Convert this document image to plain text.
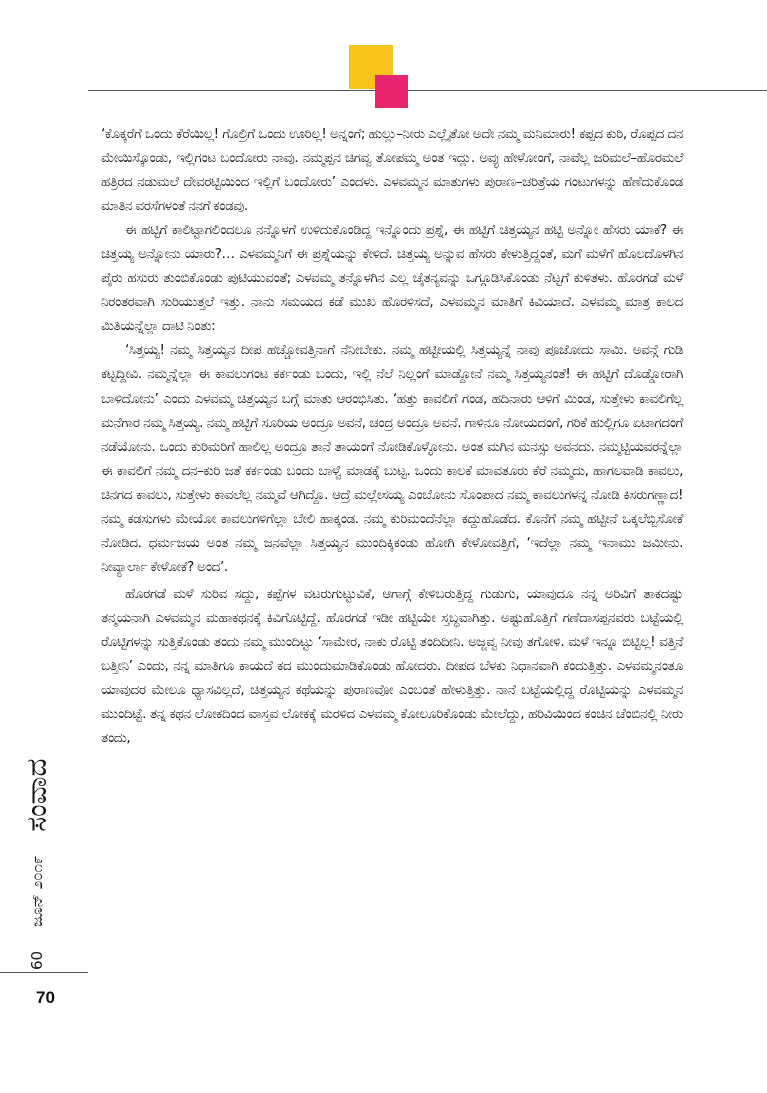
‘ಕೊಕ್ಕರೆಗೆ ಒಂದು ಕೆರೆಯಿಲ್ಲ! ಗೊಲ್ರಿಗೆ ಒಂದು ಊರಿಲ್ಲ! ಅನ್ನಂಗೆ; ಹುಲ್ಲು–ನೀರು ಎಲ್ಲೈತೋ ಅದೇ ನಮ್ಮ ಮನಿಮಾರು! ಕಪ್ಪದ ಕುರಿ, ರೊಪ್ಪದ ದನ ಮೇಯಿಸ್ಕೊಂಡು, ಇಲ್ಲಿಗಂಟ ಬಂದೋರು ನಾವು. ನಮ್ಮಪ್ಪನ ಚಿಗವ್ವ ತೋಪಮ್ಮ ಅಂತ ಇದ್ಲು. ಅವ್ಳು ಹೇಳೋಂಗೆ, ನಾವೆಲ್ಲ ಜರಿಮಲೆ–ಹೊರಮಲೆ ಹತ್ರಿರದ ನಡುಮಲೆ ದೇವರಟ್ಟಿಯಿಂದ ಇಲ್ಲಿಗೆ ಬಂದೋರು’ ಎಂದಳು. ಎಳವಮ್ಮನ ಮಾತುಗಳು ಪುರಾಣ–ಚರಿತ್ರೆಯ ಗಂಟುಗಳನ್ನು ಹೆಣೆದುಕೊಂಡ ಮಾತಿನ ವರಸೆಗಳಂತೆ ನನಗೆ ಕಂಡವು.

ಈ ಹಟ್ಟಿಗೆ ಕಾಲಿಟ್ಟಾಗಲಿಂದಲೂ ನನ್ನೊಳಗೆ ಉಳಿದುಕೊಂಡಿದ್ದ ಇನ್ನೊಂದು ಪ್ರಶ್ನೆ, ಈ ಹಟ್ಟಿಗೆ ಚಿತ್ತಯ್ಯನ ಹಟ್ಟಿ ಅನ್ನೋ ಹೆಸರು ಯಾಕೆ? ಈ ಚಿತ್ತಯ್ಯ ಅನ್ನೋನು ಯಾರು?… ಎಳವಮ್ಮನಿಗೆ ಈ ಪ್ರಶ್ನೆಯನ್ನು ಕೇಳಿದೆ. ಚಿತ್ತಯ್ಯ ಅನ್ನುವ ಹೆಸರು ಕೇಳುತ್ತಿದ್ದಂತೆ, ಮಗೆ ಮಳೆಗೆ ಹೊಲದೊಳಗಿನ ಪೈರು ಹಸುರು ತುಂಬಿಕೊಂಡು ಪುಟಿಯುವಂತೆ; ಎಳವಮ್ಮ ತನ್ನೊಳಗಿನ ಎಲ್ಲ ಚೈತನ್ಯವನ್ನು ಒಗ್ಗೂಡಿಸಿಕೊಂಡು ನೆಟ್ಟಗೆ ಕುಳಿತಳು. ಹೊರಗಡೆ ಮಳೆ ನಿರಂತರವಾಗಿ ಸುರಿಯುತ್ತಲೆ ಇತ್ತು. ನಾನು ಸಮಯದ ಕಡೆ ಮುಖ ಹೊರಳಿಸದೆ, ಎಳವಮ್ಮನ ಮಾತಿಗೆ ಕಿವಿಯಾದೆ. ಎಳವಮ್ಮ ಮಾತ್ರ ಕಾಲದ ಮಿತಿಯನ್ನೆಲ್ಲಾ ದಾಟಿ ನಿಂತು:

‘ಸಿತ್ತಯ್ಯ! ನಮ್ಮ ಸಿತ್ತಯ್ಯನ ದೀಪ ಹಚ್ಚೋವತ್ತಿನಾಗೆ ನೆನೀಬೇಕು. ನಮ್ಮ ಹಟ್ಟೀಯಲ್ಲಿ ಸಿತ್ತಯ್ಯನ್ನೆ ನಾವು ಪೂಜೋದು ಸಾಮಿ. ಅವನ್ಗೆ ಗುಡಿ ಕಟ್ಟದ್ದೀವಿ. ನಮ್ಮನ್ನೆಲ್ಲಾ ಈ ಕಾವಲುಗಂಟ ಕರ್ಕಂಡು ಬಂದು, ಇಲ್ಲಿ ನೆಲೆ ನಿಲ್ಲಂಗೆ ಮಾಡ್ದೋನೆ ನಮ್ಮ ಸಿತ್ತಯ್ಯನಂತೆ! ಈ ಹಟ್ಟಿಗೆ ದೊಡ್ಡೋರಾಗಿ ಬಾಳಿದೋನು’ ಎಂದು ಎಳವಮ್ಮ ಚಿತ್ತಯ್ಯನ ಬಗ್ಗೆ ಮಾತು ಆರಂಭಿಸಿತು. ‘ಹತ್ತು ಕಾವಲಿಗೆ ಗಂಡ, ಹದಿನಾರು ಆಳಿಗೆ ಮಿಂಡ, ಸುತ್ತೇಳು ಕಾವಲಿಗೆಲ್ಲ ಮನೆಗಾರ ನಮ್ಮ ಸಿತ್ತಯ್ಯ. ನಮ್ಮ ಹಟ್ಟಿಗೆ ಸೂರಿಯ ಅಂದ್ರೂ ಅವನೆ, ಚಂದ್ರ ಅಂದ್ರೂ ಅವನೆ. ಗಾಳಿನೂ ನೋಯದಂಗೆ, ಗರಿಕೆ ಹುಲ್ಲಿಗೂ ಏಟಾಗದಂಗೆ ನಡೆಯೋನು. ಒಂದು ಕುರಿಮರಿಗೆ ಹಾಲಿಲ್ಲ ಅಂದ್ರೂ ತಾನೆ ತಾಯಂಗೆ ನೋಡಿಕೊಳ್ಳೋನು. ಅಂತ ಮಗಿನ ಮನಸ್ಸು ಅವನದು. ನಮ್ಮಟ್ಟಿಯವರನ್ನೆಲ್ಲಾ ಈ ಕಾವಲಿಗೆ ನಮ್ಮ ದನ–ಕುರಿ ಜತೆ ಕರ್ಕಂಡು ಬಂದು ಬಾಳ್ವೆ ಮಾಡಕ್ಕೆ ಬುಟ್ಟ. ಒಂದು ಕಾಲಕೆ ಮಾವತೂರು ಕೆರೆ ನಮ್ಮದು, ಹಾಗಲವಾಡಿ ಕಾವಲು, ಚಿನಗದ ಕಾವಲು, ಸುತ್ತೇಳು ಕಾವಲೆಲ್ಲ ನಮ್ಮವೆ ಆಗಿದ್ದೊ. ಆದ್ರೆ ಮಲ್ಲೇಸಯ್ಯ ಎಂಬೋನು ಸೊಂಪಾದ ನಮ್ಮ ಕಾವಲುಗಳನ್ನ ನೋಡಿ ಕಿಸರುಗಣ್ಣಾದ! ನಮ್ಮ ಕಡಸುಗಳು ಮೇಯೋ ಕಾವಲುಗಳಿಗೆಲ್ಲಾ ಬೇಲಿ ಹಾಕ್ಕಂಡ. ನಮ್ಮ ಕುರಿಮಂದೆನೆಲ್ಲಾ ಕದ್ದುಹೊಡೆದ. ಕೊನೆಗೆ ನಮ್ಮ ಹಟ್ಟೀನೆ ಒಕ್ಕಲೆಬ್ಬಿಸೋಕೆ ನೋಡಿದ. ಧರ್ಮಜಯ ಅಂತ ನಮ್ಮ ಜನವೆಲ್ಲಾ ಸಿತ್ತಯ್ಯನ ಮುಂದಿಕ್ಕಿಕಂಡು ಹೋಗಿ ಕೇಳೋವತ್ತಿಗೆ, ‘ಇದೆಲ್ಲಾ ನಮ್ಮ ಇನಾಮು ಜಮೀನು. ನೀವ್ಯಾರ್ಲಾ ಕೇಳೋಕೆ? ಅಂದ’.

ಹೊರಗಡೆ ಮಳೆ ಸುರಿವ ಸದ್ದು, ಕಪ್ಪೆಗಳ ವಟರುಗುಟ್ಟುವಿಕೆ, ಆಗಾಗ್ಗೆ ಕೇಳಿಬರುತ್ತಿದ್ದ ಗುಡುಗು, ಯಾವುದೂ ನನ್ನ ಅರಿವಿಗೆ ತಾಕದಷ್ಟು ತನ್ಮಯನಾಗಿ ಎಳವಮ್ಮನ ಮಹಾಕಥನಕ್ಕೆ ಕಿವಿಗೊಟ್ಟಿದ್ದೆ. ಹೊರಗಡೆ ಇಡೀ ಹಟ್ಟಿಯೇ ಸ್ತಬ್ಧವಾಗಿತ್ತು. ಅಷ್ಟುಹೊತ್ತಿಗೆ ಗಣೆದಾಸಪ್ಪನವರು ಬಟ್ಟೆಯಲ್ಲಿ ರೊಟ್ಟಿಗಳನ್ನು ಸುತ್ತಿಕೊಂಡು ತಂದು ನಮ್ಮ ಮುಂದಿಟ್ಟು ‘ಸಾಮೇರ, ನಾಕು ರೊಟ್ಟಿ ತಂದಿದೀನಿ. ಅಜ್ಜವ್ವ ನೀವು ತಗೋಳಿ. ಮಳೆ ಇನ್ನೂ ಬಿಟ್ಟಿಲ್ಲ! ವತ್ತಿನೆ ಬತ್ತೀನಿ’ ಎಂದು, ನನ್ನ ಮಾತಿಗೂ ಕಾಯದೆ ಕದ ಮುಂದುಮಾಡಿಕೊಂಡು ಹೋದರು. ದೀಪದ ಬೆಳಕು ನಿಧಾನವಾಗಿ ಕಂದುತ್ತಿತ್ತು. ಎಳವಮ್ಮನಂತೂ ಯಾವುದರ ಮೇಲೂ ಧ್ಯಾಸವಿಲ್ಲದೆ, ಚಿತ್ತಯ್ಯನ ಕಥೆಯನ್ನು ಪುರಾಣವೋ ಎಂಬಂತೆ ಹೇಳುತ್ತಿತ್ತು. ನಾನೆ ಬಟ್ಟೆಯಲ್ಲಿದ್ದ ರೊಟ್ಟಿಯನ್ನು ಎಳವಮ್ಮನ ಮುಂದಿಟ್ಟೆ. ತನ್ನ ಕಥನ ಲೋಕದಿಂದ ವಾಸ್ತವ ಲೋಕಕ್ಕೆ ಮರಳಿದ ಎಳವಮ್ಮ ಕೋಲೂರಿಕೊಂಡು ಮೇಲೆದ್ದು, ಹರಿವಿಯಿಂದ ಕಂಚಿನ ಚೆಂಬಿನಲ್ಲಿ ನೀರು ತಂದು,

60
ಜೂನ್ ೨೦೧೯
ಸಂವಾದ
70
